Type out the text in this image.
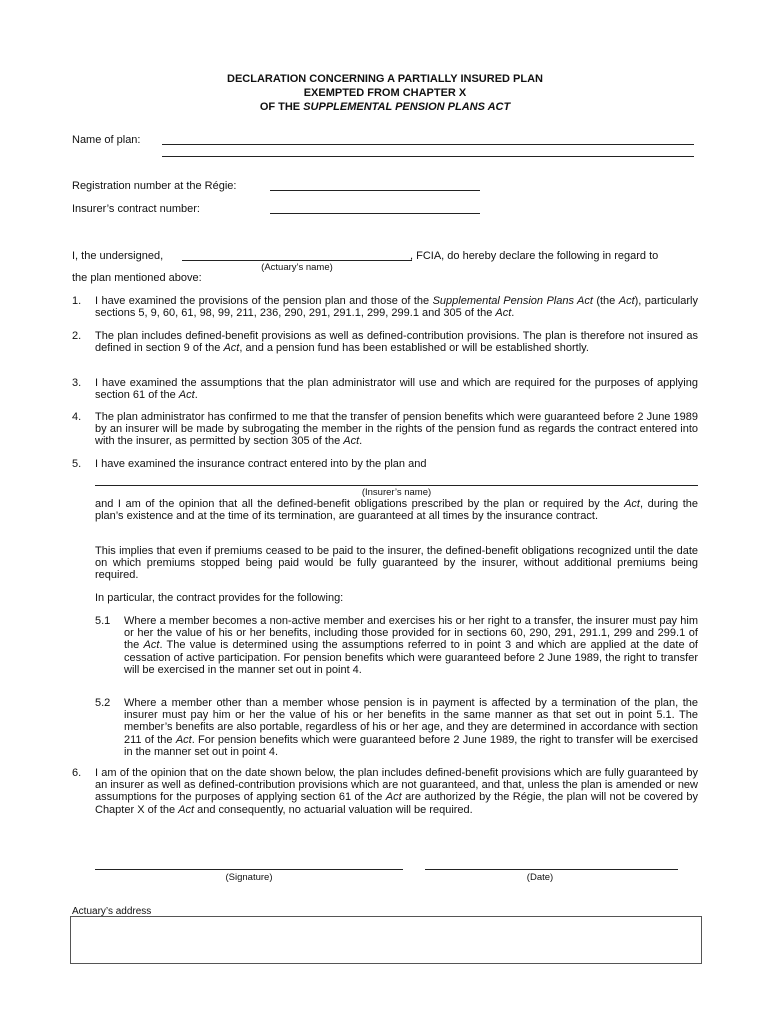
DECLARATION CONCERNING A PARTIALLY INSURED PLAN
EXEMPTED FROM CHAPTER X
OF THE SUPPLEMENTAL PENSION PLANS ACT
Name of plan:
Registration number at the Régie:
Insurer’s contract number:
I, the undersigned,	, FCIA, do hereby declare the following in regard to
(Actuary’s name)
the plan mentioned above:
1. I have examined the provisions of the pension plan and those of the Supplemental Pension Plans Act (the Act), particularly sections 5, 9, 60, 61, 98, 99, 211, 236, 290, 291, 291.1, 299, 299.1 and 305 of the Act.
2. The plan includes defined-benefit provisions as well as defined-contribution provisions. The plan is therefore not insured as defined in section 9 of the Act, and a pension fund has been established or will be established shortly.
3. I have examined the assumptions that the plan administrator will use and which are required for the purposes of applying section 61 of the Act.
4. The plan administrator has confirmed to me that the transfer of pension benefits which were guaranteed before 2 June 1989 by an insurer will be made by subrogating the member in the rights of the pension fund as regards the contract entered into with the insurer, as permitted by section 305 of the Act.
5. I have examined the insurance contract entered into by the plan and
(Insurer’s name)
and I am of the opinion that all the defined-benefit obligations prescribed by the plan or required by the Act, during the plan’s existence and at the time of its termination, are guaranteed at all times by the insurance contract.
This implies that even if premiums ceased to be paid to the insurer, the defined-benefit obligations recognized until the date on which premiums stopped being paid would be fully guaranteed by the insurer, without additional premiums being required.
In particular, the contract provides for the following:
5.1 Where a member becomes a non-active member and exercises his or her right to a transfer, the insurer must pay him or her the value of his or her benefits, including those provided for in sections 60, 290, 291, 291.1, 299 and 299.1 of the Act. The value is determined using the assumptions referred to in point 3 and which are applied at the date of cessation of active participation. For pension benefits which were guaranteed before 2 June 1989, the right to transfer will be exercised in the manner set out in point 4.
5.2 Where a member other than a member whose pension is in payment is affected by a termination of the plan, the insurer must pay him or her the value of his or her benefits in the same manner as that set out in point 5.1. The member’s benefits are also portable, regardless of his or her age, and they are determined in accordance with section 211 of the Act. For pension benefits which were guaranteed before 2 June 1989, the right to transfer will be exercised in the manner set out in point 4.
6. I am of the opinion that on the date shown below, the plan includes defined-benefit provisions which are fully guaranteed by an insurer as well as defined-contribution provisions which are not guaranteed, and that, unless the plan is amended or new assumptions for the purposes of applying section 61 of the Act are authorized by the Régie, the plan will not be covered by Chapter X of the Act and consequently, no actuarial valuation will be required.
(Signature)	(Date)
Actuary’s address
